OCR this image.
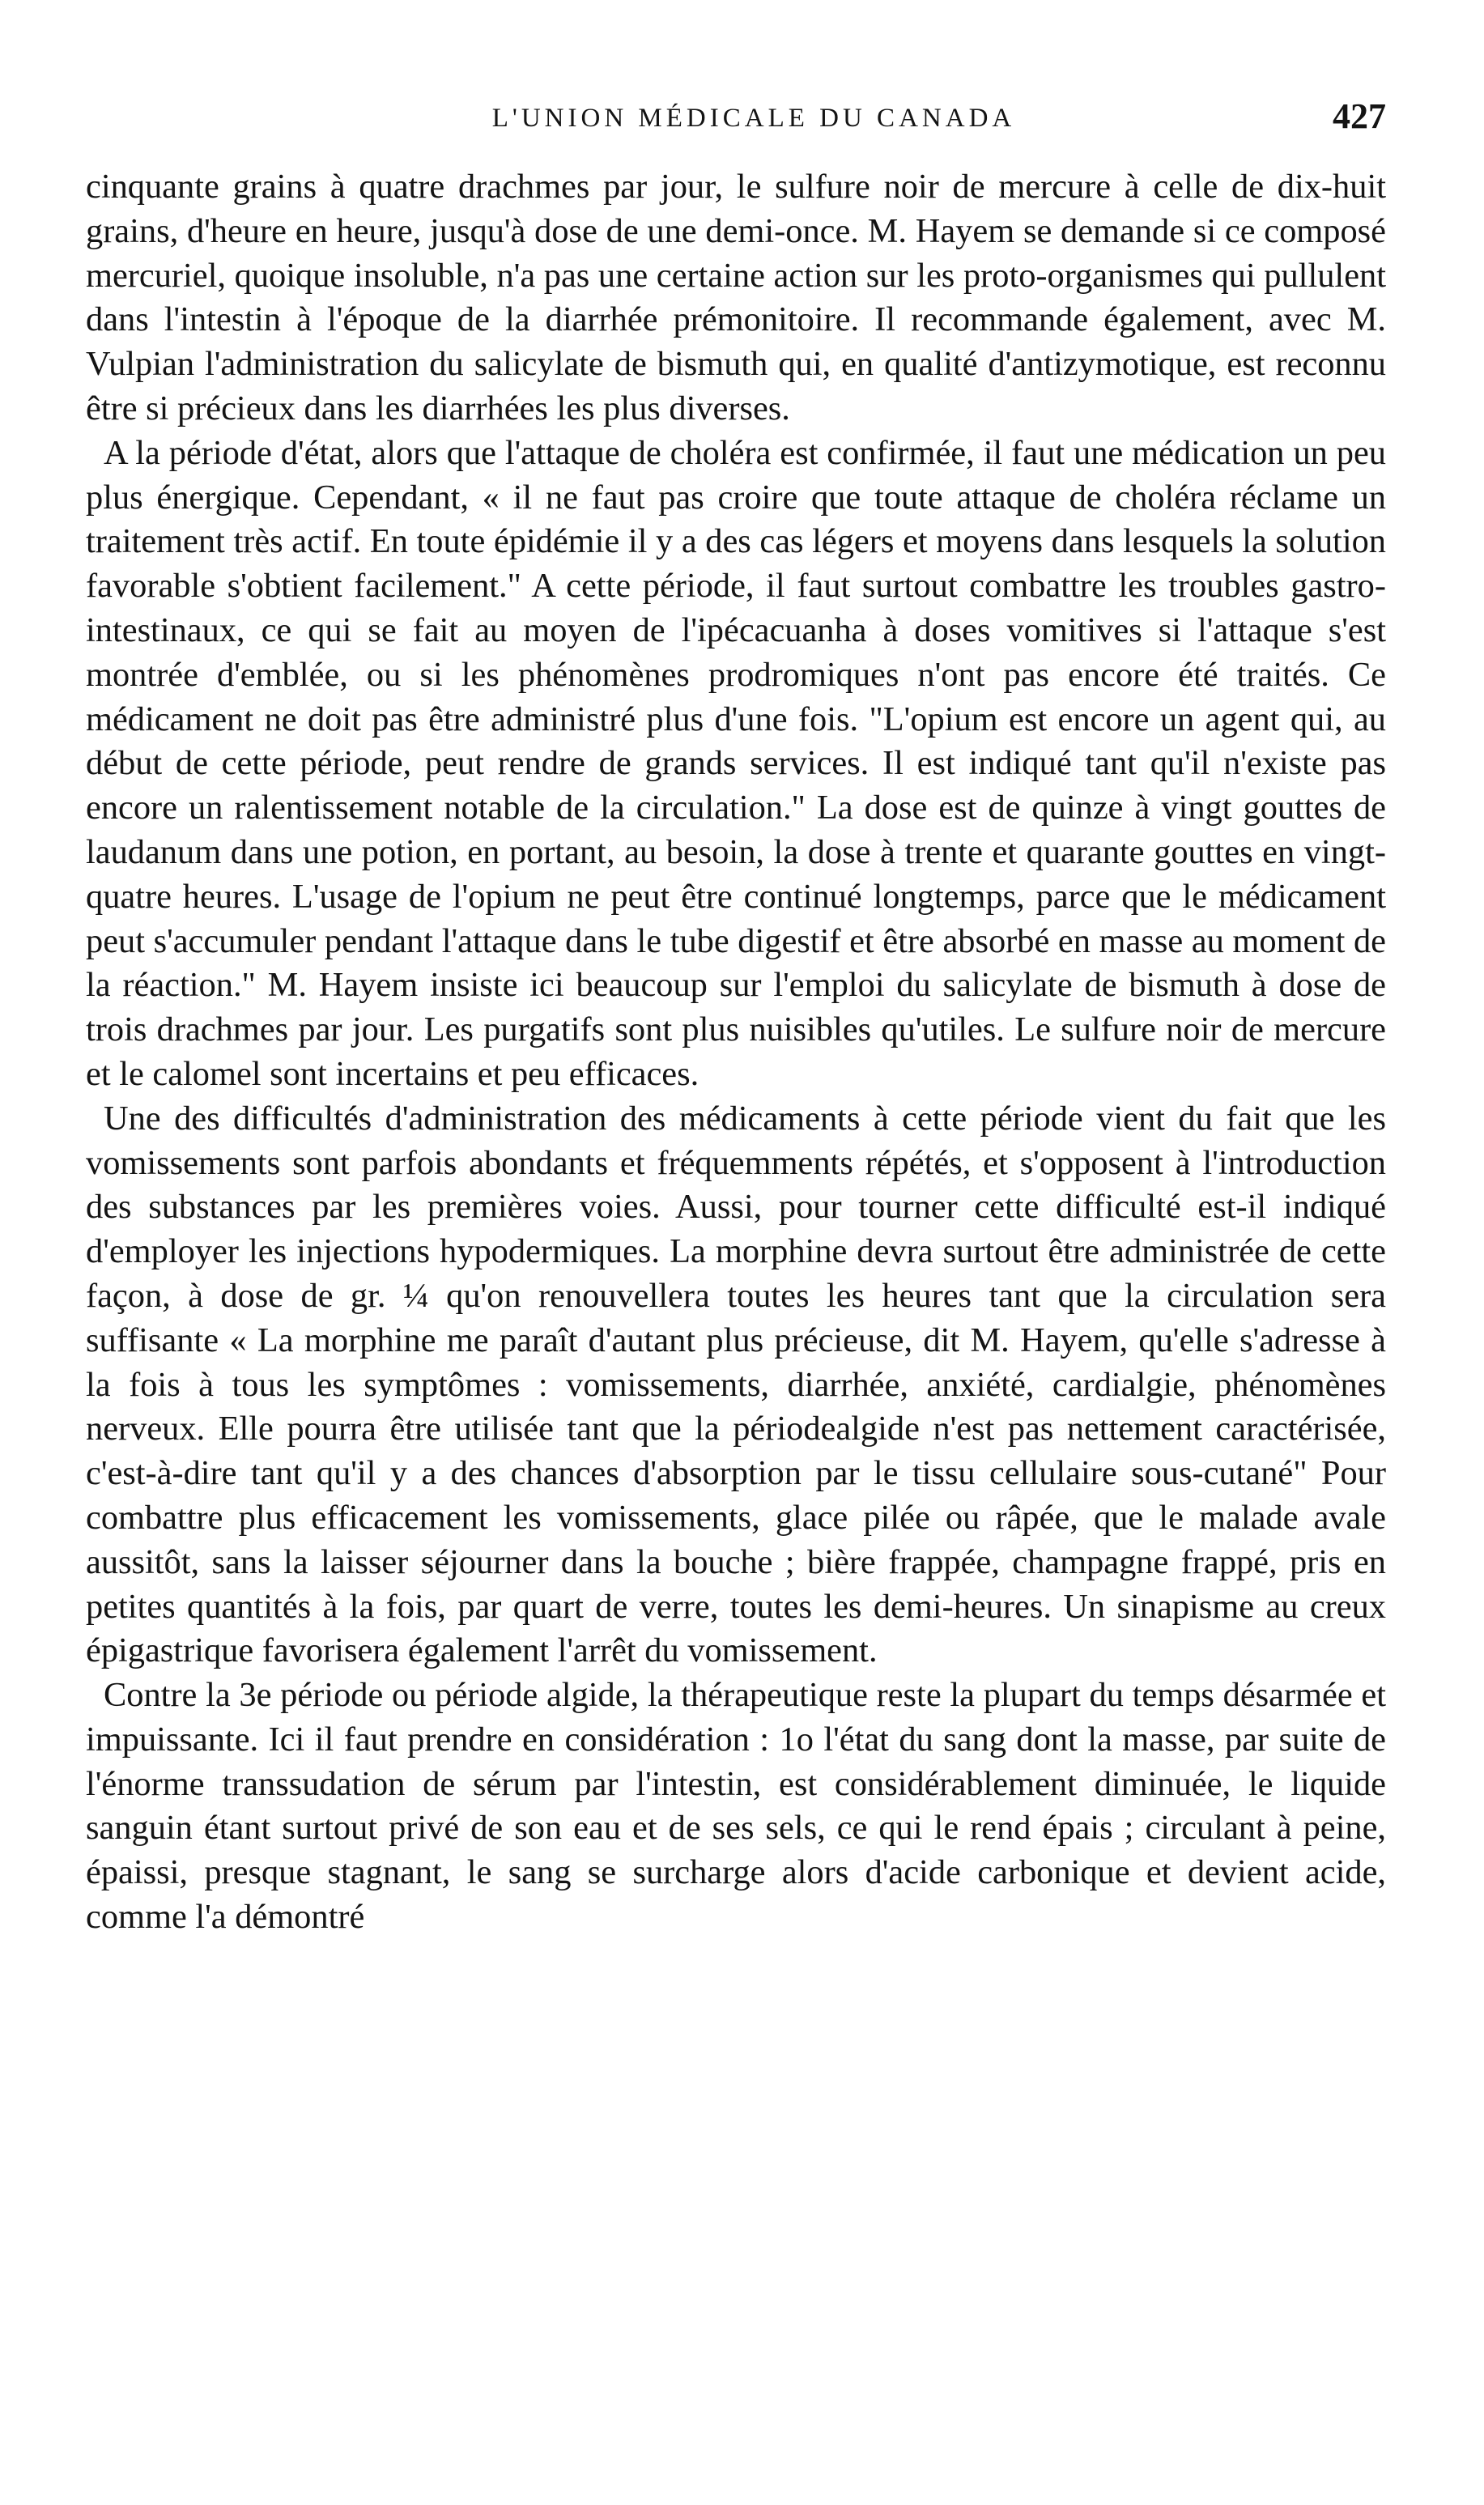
L'UNION MÉDICALE DU CANADA	427

cinquante grains à quatre drachmes par jour, le sulfure noir de mercure à celle de dix-huit grains, d'heure en heure, jusqu'à dose de une demi-once. M. Hayem se demande si ce composé mercuriel, quoique insoluble, n'a pas une certaine action sur les proto-organismes qui pullulent dans l'intestin à l'époque de la diarrhée prémonitoire. Il recommande également, avec M. Vulpian l'administration du salicylate de bismuth qui, en qualité d'antizymotique, est reconnu être si précieux dans les diarrhées les plus diverses.

A la période d'état, alors que l'attaque de choléra est confirmée, il faut une médication un peu plus énergique. Cependant, « il ne faut pas croire que toute attaque de choléra réclame un traitement très actif. En toute épidémie il y a des cas légers et moyens dans lesquels la solution favorable s'obtient facilement." A cette période, il faut surtout combattre les troubles gastro-intestinaux, ce qui se fait au moyen de l'ipécacuanha à doses vomitives si l'attaque s'est montrée d'emblée, ou si les phénomènes prodromiques n'ont pas encore été traités. Ce médicament ne doit pas être administré plus d'une fois. "L'opium est encore un agent qui, au début de cette période, peut rendre de grands services. Il est indiqué tant qu'il n'existe pas encore un ralentissement notable de la circulation." La dose est de quinze à vingt gouttes de laudanum dans une potion, en portant, au besoin, la dose à trente et quarante gouttes en vingt-quatre heures. L'usage de l'opium ne peut être continué longtemps, parce que le médicament peut s'accumuler pendant l'attaque dans le tube digestif et être absorbé en masse au moment de la réaction." M. Hayem insiste ici beaucoup sur l'emploi du salicylate de bismuth à dose de trois drachmes par jour. Les purgatifs sont plus nuisibles qu'utiles. Le sulfure noir de mercure et le calomel sont incertains et peu efficaces.

Une des difficultés d'administration des médicaments à cette période vient du fait que les vomissements sont parfois abondants et fréquemments répétés, et s'opposent à l'introduction des substances par les premières voies. Aussi, pour tourner cette difficulté est-il indiqué d'employer les injections hypodermiques. La morphine devra surtout être administrée de cette façon, à dose de gr. ¼ qu'on renouvellera toutes les heures tant que la circulation sera suffisante « La morphine me paraît d'autant plus précieuse, dit M. Hayem, qu'elle s'adresse à la fois à tous les symptômes : vomissements, diarrhée, anxiété, cardialgie, phénomènes nerveux. Elle pourra être utilisée tant que la périodealgide n'est pas nettement caractérisée, c'est-à-dire tant qu'il y a des chances d'absorption par le tissu cellulaire sous-cutané" Pour combattre plus efficacement les vomissements, glace pilée ou râpée, que le malade avale aussitôt, sans la laisser séjourner dans la bouche ; bière frappée, champagne frappé, pris en petites quantités à la fois, par quart de verre, toutes les demi-heures. Un sinapisme au creux épigastrique favorisera également l'arrêt du vomissement.

Contre la 3e période ou période algide, la thérapeutique reste la plupart du temps désarmée et impuissante. Ici il faut prendre en considération : 1o l'état du sang dont la masse, par suite de l'énorme transsudation de sérum par l'intestin, est considérablement diminuée, le liquide sanguin étant surtout privé de son eau et de ses sels, ce qui le rend épais ; circulant à peine, épaissi, presque stagnant, le sang se surcharge alors d'acide carbonique et devient acide, comme l'a démontré
